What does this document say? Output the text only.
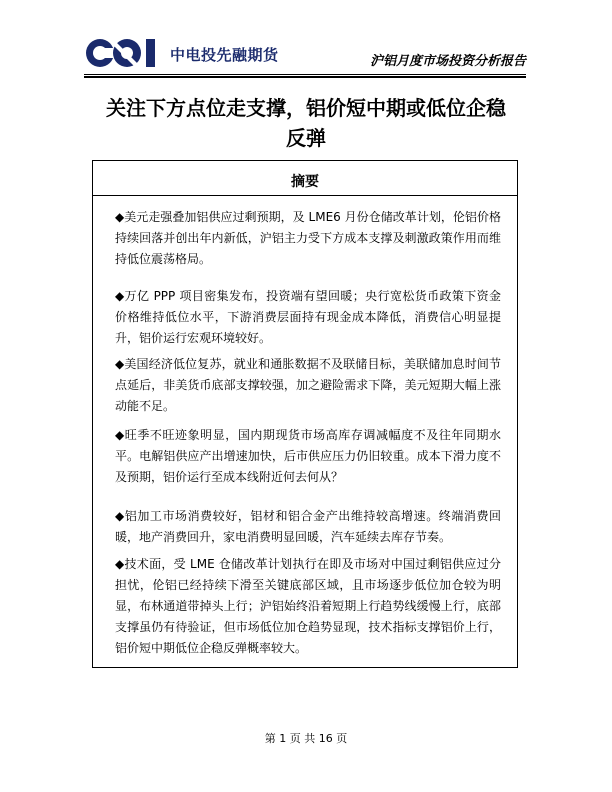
中电投先融期货	沪铝月度市场投资分析报告
关注下方点位走支撑，铝价短中期或低位企稳
反弹
摘要

◆美元走强叠加铝供应过剩预期，及 LME6 月份仓储改革计划，伦铝价格持续回落并创出年内新低，沪铝主力受下方成本支撑及刺激政策作用而维持低位震荡格局。

◆万亿 PPP 项目密集发布，投资端有望回暖；央行宽松货币政策下资金价格维持低位水平，下游消费层面持有现金成本降低，消费信心明显提升，铝价运行宏观环境较好。

◆美国经济低位复苏，就业和通胀数据不及联储目标，美联储加息时间节点延后，非美货币底部支撑较强，加之避险需求下降，美元短期大幅上涨动能不足。

◆旺季不旺迹象明显，国内期现货市场高库存调减幅度不及往年同期水平。电解铝供应产出增速加快，后市供应压力仍旧较重。成本下滑力度不及预期，铝价运行至成本线附近何去何从？

◆铝加工市场消费较好，铝材和铝合金产出维持较高增速。终端消费回暖，地产消费回升，家电消费明显回暖，汽车延续去库存节奏。

◆技术面，受 LME 仓储改革计划执行在即及市场对中国过剩铝供应过分担忧，伦铝已经持续下滑至关键底部区域，且市场逐步低位加仓较为明显，布林通道带掉头上行；沪铝始终沿着短期上行趋势线缓慢上行，底部支撑虽仍有待验证，但市场低位加仓趋势显现，技术指标支撑铝价上行，铝价短中期低位企稳反弹概率较大。

第 1 页 共 16 页
